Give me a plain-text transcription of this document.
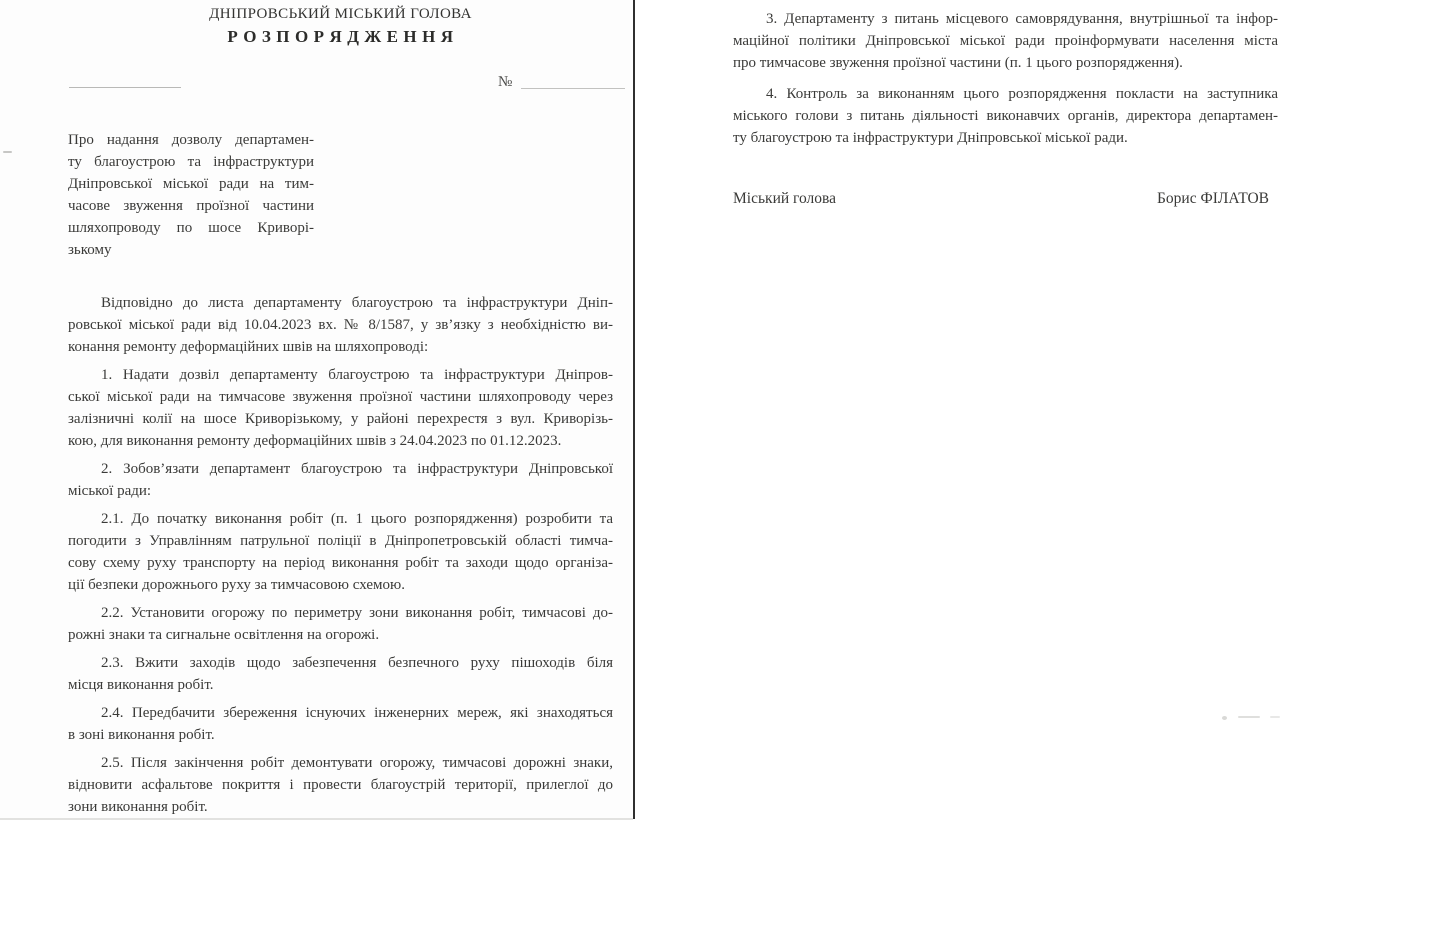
ДНІПРОВСЬКИЙ МІСЬКИЙ ГОЛОВА
Р О З П О Р Я Д Ж Е Н Н Я
№
Про надання дозволу департамен-
ту благоустрою та інфраструктури
Дніпровської міської ради на тим-
часове звуження проїзної частини
шляхопроводу по шосе Криворі-
зькому
Відповідно до листа департаменту благоустрою та інфраструктури Дніп-
ровської міської ради від 10.04.2023 вх. № 8/1587, у зв’язку з необхідністю ви-
конання ремонту деформаційних швів на шляхопроводі:
1. Надати дозвіл департаменту благоустрою та інфраструктури Дніпров-
ської міської ради на тимчасове звуження проїзної частини шляхопроводу через
залізничні колії на шосе Криворізькому, у районі перехрестя з вул. Криворізь-
кою, для виконання ремонту деформаційних швів з 24.04.2023 по 01.12.2023.
2. Зобов’язати департамент благоустрою та інфраструктури Дніпровської
міської ради:
2.1. До початку виконання робіт (п. 1 цього розпорядження) розробити та
погодити з Управлінням патрульної поліції в Дніпропетровській області тимча-
сову схему руху транспорту на період виконання робіт та заходи щодо організа-
ції безпеки дорожнього руху за тимчасовою схемою.
2.2. Установити огорожу по периметру зони виконання робіт, тимчасові до-
рожні знаки та сигнальне освітлення на огорожі.
2.3. Вжити заходів щодо забезпечення безпечного руху пішоходів біля
місця виконання робіт.
2.4. Передбачити збереження існуючих інженерних мереж, які знаходяться
в зоні виконання робіт.
2.5. Після закінчення робіт демонтувати огорожу, тимчасові дорожні знаки,
відновити асфальтове покриття і провести благоустрій території, прилеглої до
зони виконання робіт.
3. Департаменту з питань місцевого самоврядування, внутрішньої та інфор-
маційної політики Дніпровської міської ради проінформувати населення міста
про тимчасове звуження проїзної частини (п. 1 цього розпорядження).
4. Контроль за виконанням цього розпорядження покласти на заступника
міського голови з питань діяльності виконавчих органів, директора департамен-
ту благоустрою та інфраструктури Дніпровської міської ради.
Міський голова	Борис ФІЛАТОВ
